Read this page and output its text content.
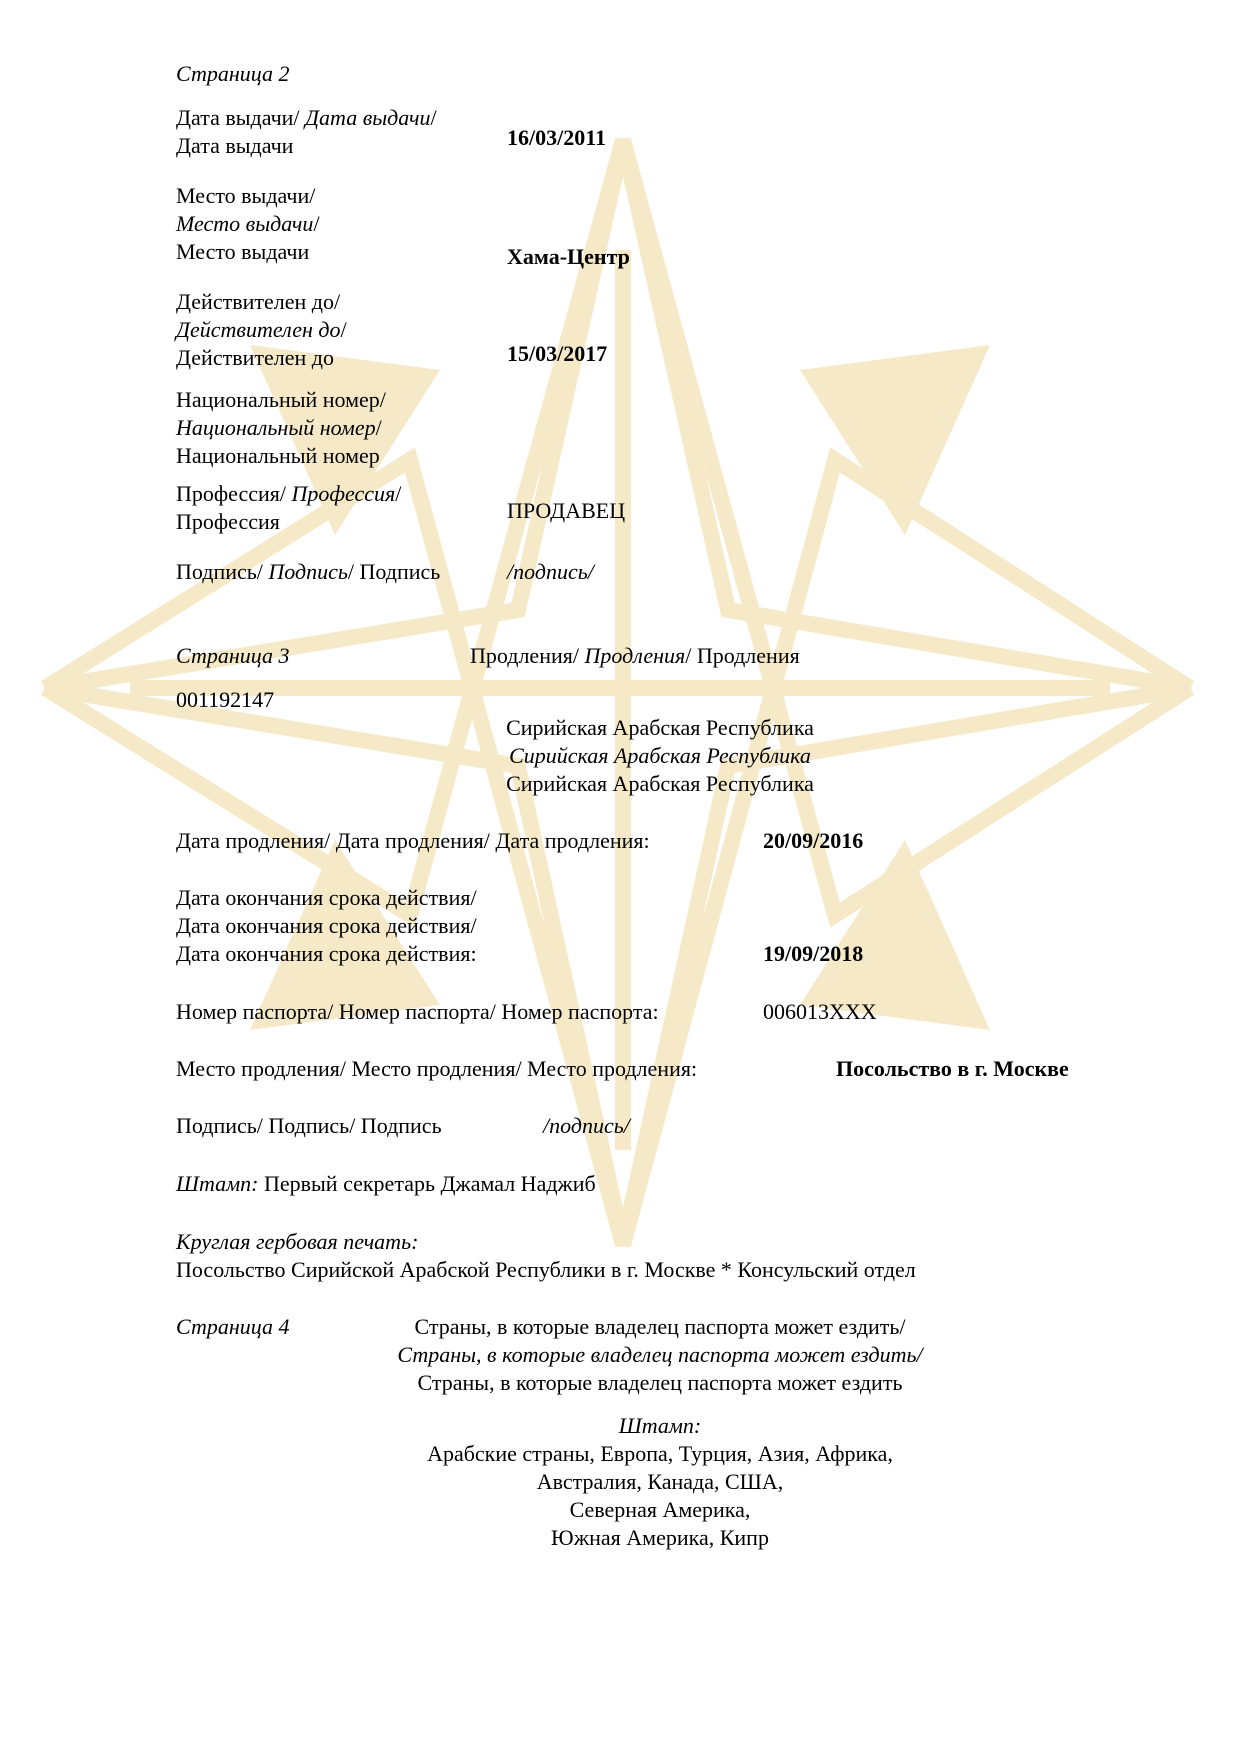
Страница 2
Дата выдачи/ Дата выдачи/
Дата выдачи	16/03/2011
Место выдачи/
Место выдачи/
Место выдачи	Хама-Центр
Действителен до/
Действителен до/
Действителен до	15/03/2017
Национальный номер/
Национальный номер/
Национальный номер
Профессия/ Профессия/
Профессия	ПРОДАВЕЦ
Подпись/ Подпись/ Подпись	/подпись/
Страница 3	Продления/ Продления/ Продления
001192147
Сирийская Арабская Республика
Сирийская Арабская Республика
Сирийская Арабская Республика
Дата продления/ Дата продления/ Дата продления:	20/09/2016
Дата окончания срока действия/
Дата окончания срока действия/
Дата окончания срока действия:	19/09/2018
Номер паспорта/ Номер паспорта/ Номер паспорта:	006013XXX
Место продления/ Место продления/ Место продления:	Посольство в г. Москве
Подпись/ Подпись/ Подпись	/подпись/
Штамп: Первый секретарь Джамал Наджиб
Круглая гербовая печать:
Посольство Сирийской Арабской Республики в г. Москве * Консульский отдел
Страница 4	Страны, в которые владелец паспорта может ездить/
Страны, в которые владелец паспорта может ездить/
Страны, в которые владелец паспорта может ездить
Штамп:
Арабские страны, Европа, Турция, Азия, Африка,
Австралия, Канада, США,
Северная Америка,
Южная Америка, Кипр
